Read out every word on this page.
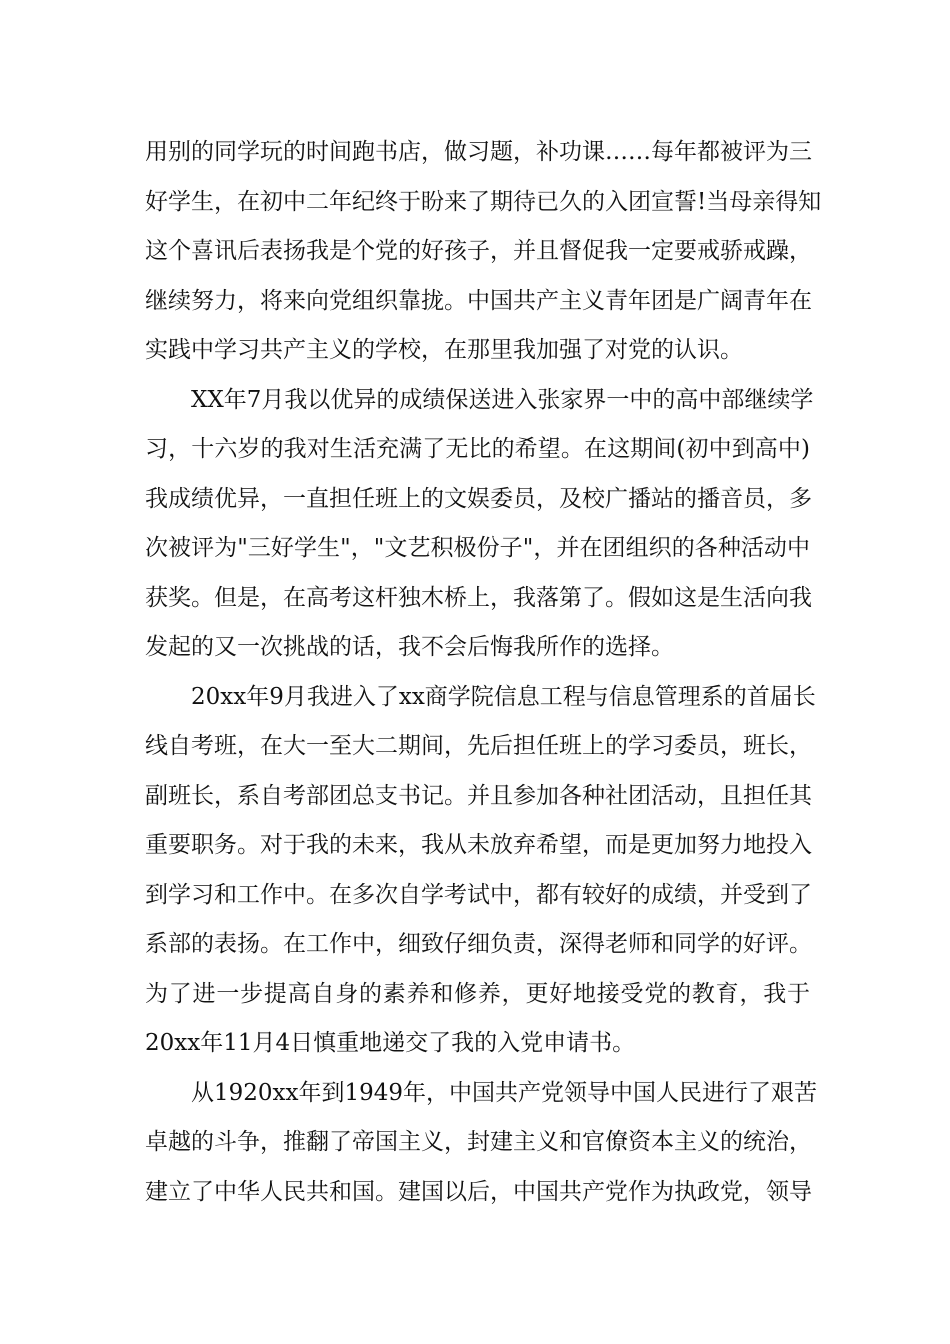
用别的同学玩的时间跑书店，做习题，补功课……每年都被评为三
好学生，在初中二年纪终于盼来了期待已久的入团宣誓!当母亲得知
这个喜讯后表扬我是个党的好孩子，并且督促我一定要戒骄戒躁，
继续努力，将来向党组织靠拢。中国共产主义青年团是广阔青年在
实践中学习共产主义的学校，在那里我加强了对党的认识。
XX年7月我以优异的成绩保送进入张家界一中的高中部继续学
习，十六岁的我对生活充满了无比的希望。在这期间(初中到高中)
我成绩优异，一直担任班上的文娱委员，及校广播站的播音员，多
次被评为"三好学生"，"文艺积极份子"，并在团组织的各种活动中
获奖。但是，在高考这杆独木桥上，我落第了。假如这是生活向我
发起的又一次挑战的话，我不会后悔我所作的选择。
20xx年9月我进入了xx商学院信息工程与信息管理系的首届长
线自考班，在大一至大二期间，先后担任班上的学习委员，班长，
副班长，系自考部团总支书记。并且参加各种社团活动，且担任其
重要职务。对于我的未来，我从未放弃希望，而是更加努力地投入
到学习和工作中。在多次自学考试中，都有较好的成绩，并受到了
系部的表扬。在工作中，细致仔细负责，深得老师和同学的好评。
为了进一步提高自身的素养和修养，更好地接受党的教育，我于
20xx年11月4日慎重地递交了我的入党申请书。
从1920xx年到1949年，中国共产党领导中国人民进行了艰苦
卓越的斗争，推翻了帝国主义，封建主义和官僚资本主义的统治，
建立了中华人民共和国。建国以后，中国共产党作为执政党，领导
